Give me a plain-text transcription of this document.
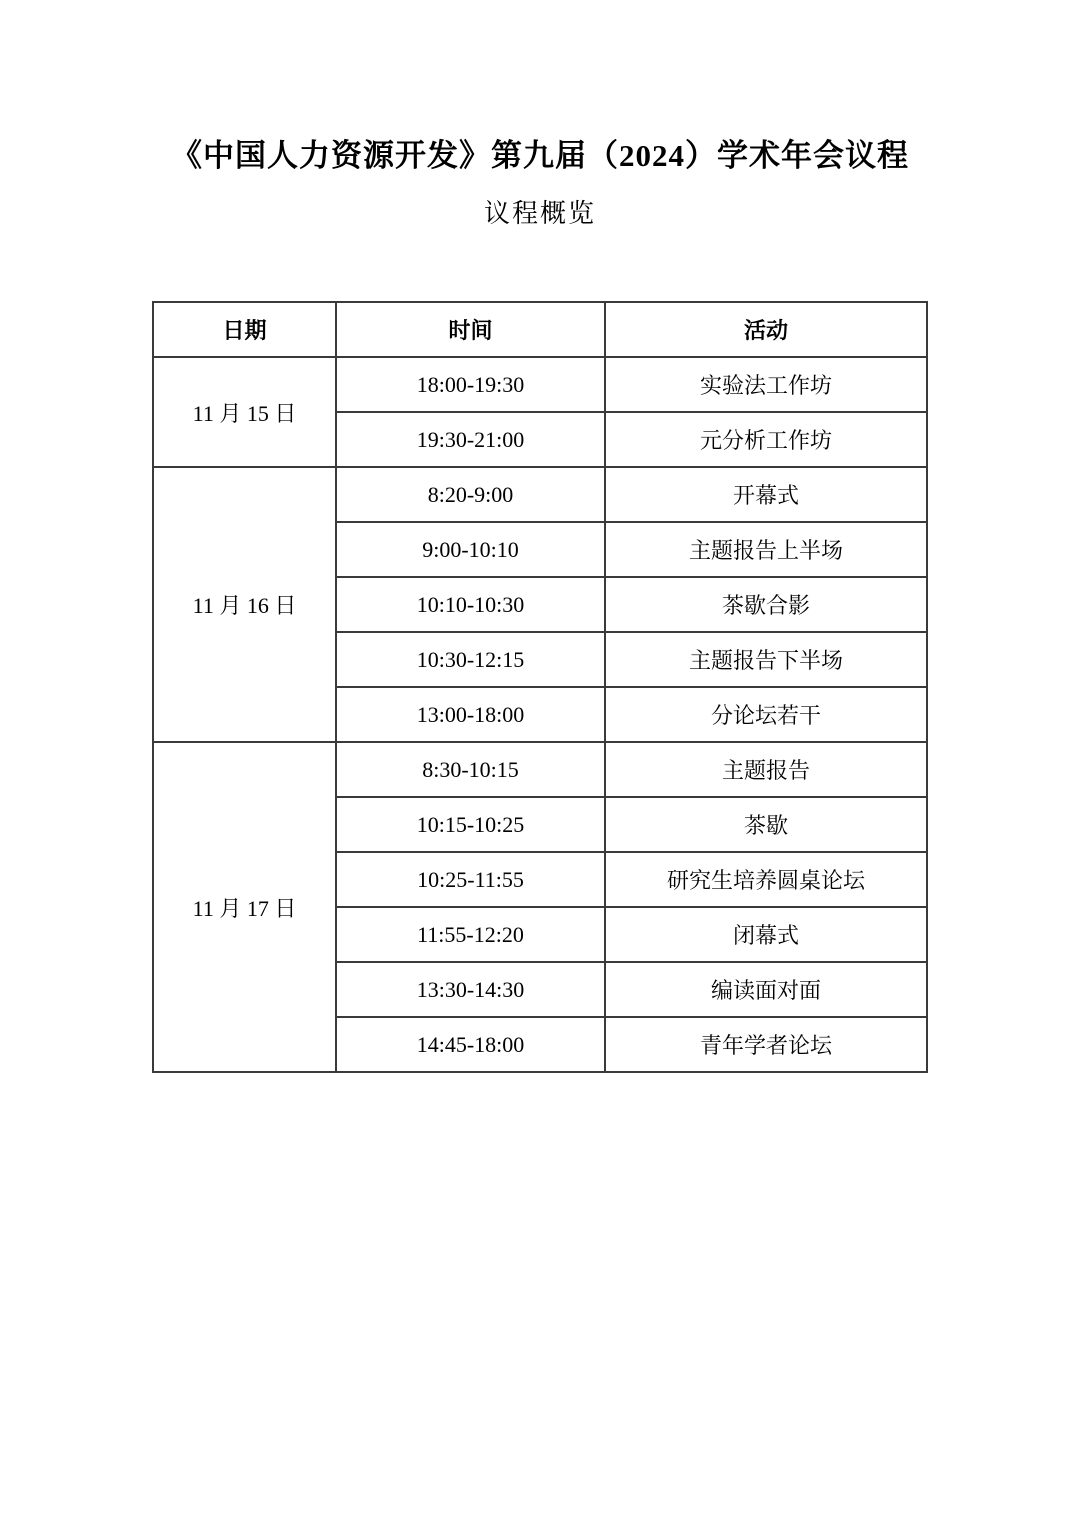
《中国人力资源开发》第九届（2024）学术年会议程
议程概览
日期	时间	活动
11 月 15 日	18:00-19:30	实验法工作坊
	19:30-21:00	元分析工作坊
11 月 16 日	8:20-9:00	开幕式
	9:00-10:10	主题报告上半场
	10:10-10:30	茶歇合影
	10:30-12:15	主题报告下半场
	13:00-18:00	分论坛若干
11 月 17 日	8:30-10:15	主题报告
	10:15-10:25	茶歇
	10:25-11:55	研究生培养圆桌论坛
	11:55-12:20	闭幕式
	13:30-14:30	编读面对面
	14:45-18:00	青年学者论坛
